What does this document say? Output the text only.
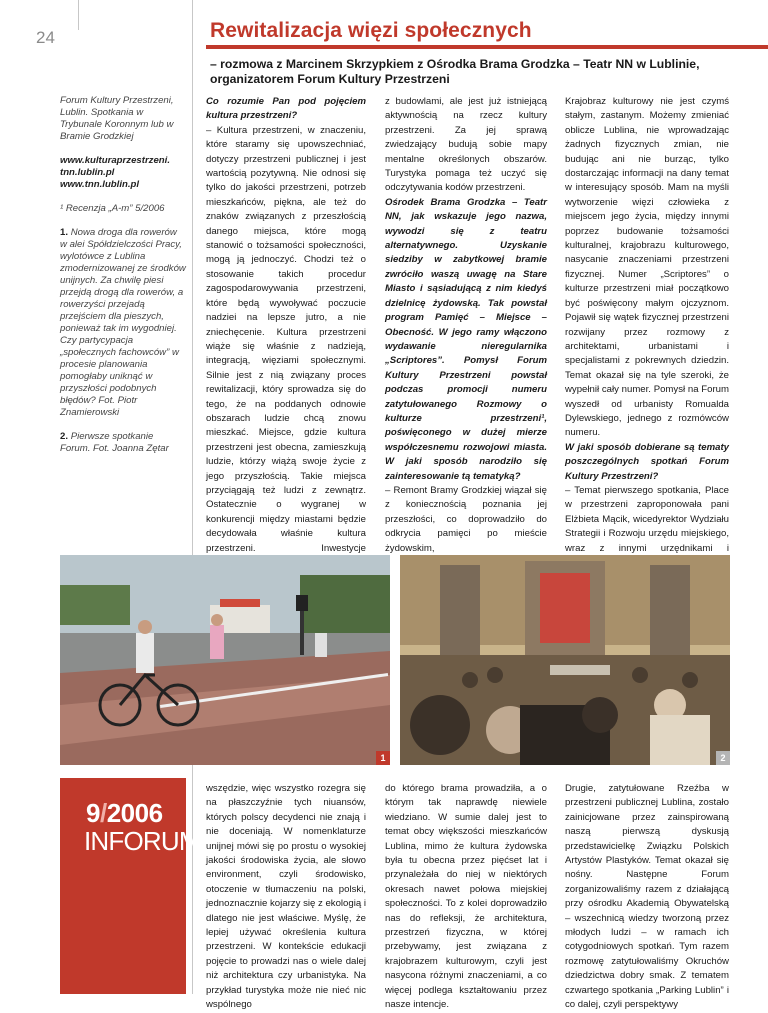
24	Rewitalizacja więzi społecznych
– rozmowa z Marcinem Skrzypkiem z Ośrodka Brama Grodzka – Teatr NN w Lublinie, organizatorem Forum Kultury Przestrzeni

Forum Kultury Przestrzeni, Lublin. Spotkania w Trybunale Koronnym lub w Bramie Grodzkiej

www.kulturaprzestrzeni.
tnn.lublin.pl
www.tnn.lublin.pl

¹ Recenzja „A-m” 5/2006

1. Nowa droga dla rowerów w alei Spółdzielczości Pracy, wylotówce z Lublina zmodernizowanej ze środków unijnych. Za chwilę piesi przejdą drogą dla rowerów, a rowerzyści przejadą przejściem dla pieszych, ponieważ tak im wygodniej. Czy partycypacja „społecznych fachowców” w procesie planowania pomogłaby uniknąć w przyszłości podobnych błędów? Fot. Piotr Znamierowski

2. Pierwsze spotkanie Forum. Fot. Joanna Zętar

Co rozumie Pan pod pojęciem kultura przestrzeni?

– Kultura przestrzeni, w znaczeniu, które staramy się upowszechniać, dotyczy przestrzeni publicznej i jest wartością pozytywną. Nie odnosi się tylko do jakości przestrzeni, potrzeb mieszkańców, piękna, ale też do znaków związanych z przeszłością danego miejsca, które mogą stanowić o tożsamości społeczności, mogą ją jednoczyć. Chodzi też o stosowanie takich procedur zagospodarowywania przestrzeni, które będą wywoływać poczucie nadziei na lepsze jutro, a nie zniechęcenie. Kultura przestrzeni wiąże się właśnie z nadzieją, integracją, więziami społecznymi. Silnie jest z nią związany proces rewitalizacji, który sprowadza się do tego, że na poddanych odnowie obszarach ludzie chcą znowu mieszkać. Miejsce, gdzie kultura przestrzeni jest obecna, zamieszkują ludzie, którzy wiążą swoje życie z jego przyszłością. Takie miejsca przyciągają też ludzi z zewnątrz. Ostatecznie o wygranej w konkurencji między miastami będzie decydowała właśnie kultura przestrzeni. Inwestycje

z budowlami, ale jest już istniejącą aktywnością na rzecz kultury przestrzeni. Za jej sprawą zwiedzający budują sobie mapy mentalne określonych obszarów. Turystyka pomaga też uczyć się odczytywania kodów przestrzeni.

Ośrodek Brama Grodzka – Teatr NN, jak wskazuje jego nazwa, wywodzi się z teatru alternatywnego. Uzyskanie siedziby w zabytkowej bramie zwróciło waszą uwagę na Stare Miasto i sąsiadującą z nim kiedyś dzielnicę żydowską. Tak powstał program Pamięć – Miejsce – Obecność. W jego ramy włączono wydawanie nieregularnika „Scriptores”. Pomysł Forum Kultury Przestrzeni powstał podczas promocji numeru zatytułowanego Rozmowy o kulturze przestrzeni¹, poświęconego w dużej mierze współczesnemu rozwojowi miasta. W jaki sposób narodziło się zainteresowanie tą tematyką?

– Remont Bramy Grodzkiej wiązał się z koniecznością poznania jej przeszłości, co doprowadziło do odkrycia pamięci po mieście żydowskim,

Krajobraz kulturowy nie jest czymś stałym, zastanym. Możemy zmieniać oblicze Lublina, nie wprowadzając żadnych fizycznych zmian, nie budując ani nie burząc, tylko dostarczając informacji na dany temat w interesujący sposób. Mam na myśli wytworzenie więzi człowieka z miejscem jego życia, między innymi poprzez budowanie tożsamości kulturalnej, krajobrazu kulturowego, nasycanie znaczeniami przestrzeni fizycznej. Numer „Scriptores” o kulturze przestrzeni miał początkowo być poświęcony małym ojczyznom. Pojawił się wątek fizycznej przestrzeni rozwijany przez rozmowy z architektami, urbanistami i specjalistami z pokrewnych dziedzin. Temat okazał się na tyle szeroki, że wypełnił cały numer. Pomysł na Forum wyszedł od urbanisty Romualda Dylewskiego, jednego z rozmówców numeru.

W jaki sposób dobierane są tematy poszczególnych spotkań Forum Kultury Przestrzeni?

– Temat pierwszego spotkania, Place w przestrzeni zaproponowała pani Elżbieta Mącik, wicedyrektor Wydziału Strategii i Rozwoju urzędu miejskiego, wraz z innymi urzędnikami i

1	2
9/2006
INFORUM
wszędzie, więc wszystko rozegra się na płaszczyźnie tych niuansów, których polscy decydenci nie znają i nie doceniają. W nomenklaturze unijnej mówi się po prostu o wysokiej jakości środowiska życia, ale słowo environment, czyli środowisko, otoczenie w tłumaczeniu na polski, jednoznacznie kojarzy się z ekologią i dlatego nie jest właściwe. Myślę, że lepiej używać określenia kultura przestrzeni. W kontekście edukacji pojęcie to prowadzi nas o wiele dalej niż architektura czy urbanistyka. Na przykład turystyka może nie nieć nic wspólnego
do którego brama prowadziła, a o którym tak naprawdę niewiele wiedziano. W sumie dalej jest to temat obcy większości mieszkańców Lublina, mimo że kultura żydowska była tu obecna przez pięćset lat i przynależała do niej w niektórych okresach nawet połowa miejskiej społeczności. To z kolei doprowadziło nas do refleksji, że architektura, przestrzeń fizyczna, w której przebywamy, jest związana z krajobrazem kulturowym, czyli jest nasycona różnymi znaczeniami, a co więcej podlega kształtowaniu przez nasze intencje.
Drugie, zatytułowane Rzeźba w przestrzeni publicznej Lublina, zostało zainicjowane przez zainspirowaną naszą pierwszą dyskusją przedstawicielkę Związku Polskich Artystów Plastyków. Temat okazał się nośny. Następne Forum zorganizowaliśmy razem z działającą przy ośrodku Akademią Obywatelską – wszechnicą wiedzy tworzoną przez młodych ludzi – w ramach ich cotygodniowych spotkań. Tym razem rozmowę zatytułowaliśmy Okruchów dziedzictwa dobry smak. Z tematem czwartego spotkania „Parking Lublin” i co dalej, czyli perspektywy
